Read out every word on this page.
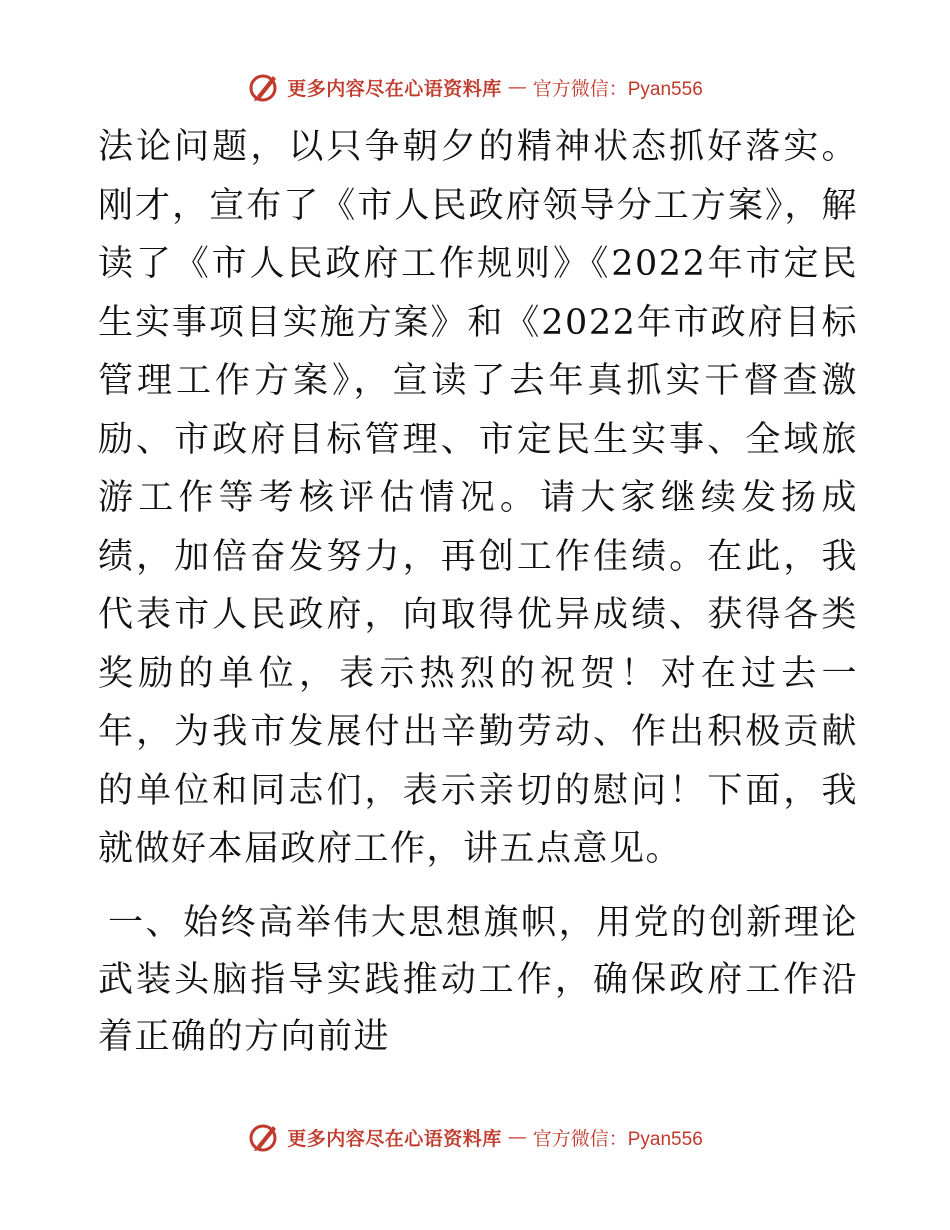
更多内容尽在心语资料库 — 官方微信：Pyan556

法论问题，以只争朝夕的精神状态抓好落实。刚才，宣布了《市人民政府领导分工方案》，解读了《市人民政府工作规则》《2022年市定民生实事项目实施方案》和《2022年市政府目标管理工作方案》，宣读了去年真抓实干督查激励、市政府目标管理、市定民生实事、全域旅游工作等考核评估情况。请大家继续发扬成绩，加倍奋发努力，再创工作佳绩。在此，我代表市人民政府，向取得优异成绩、获得各类奖励的单位，表示热烈的祝贺！对在过去一年，为我市发展付出辛勤劳动、作出积极贡献的单位和同志们，表示亲切的慰问！下面，我就做好本届政府工作，讲五点意见。

一、始终高举伟大思想旗帜，用党的创新理论武装头脑指导实践推动工作，确保政府工作沿着正确的方向前进

更多内容尽在心语资料库 — 官方微信：Pyan556
